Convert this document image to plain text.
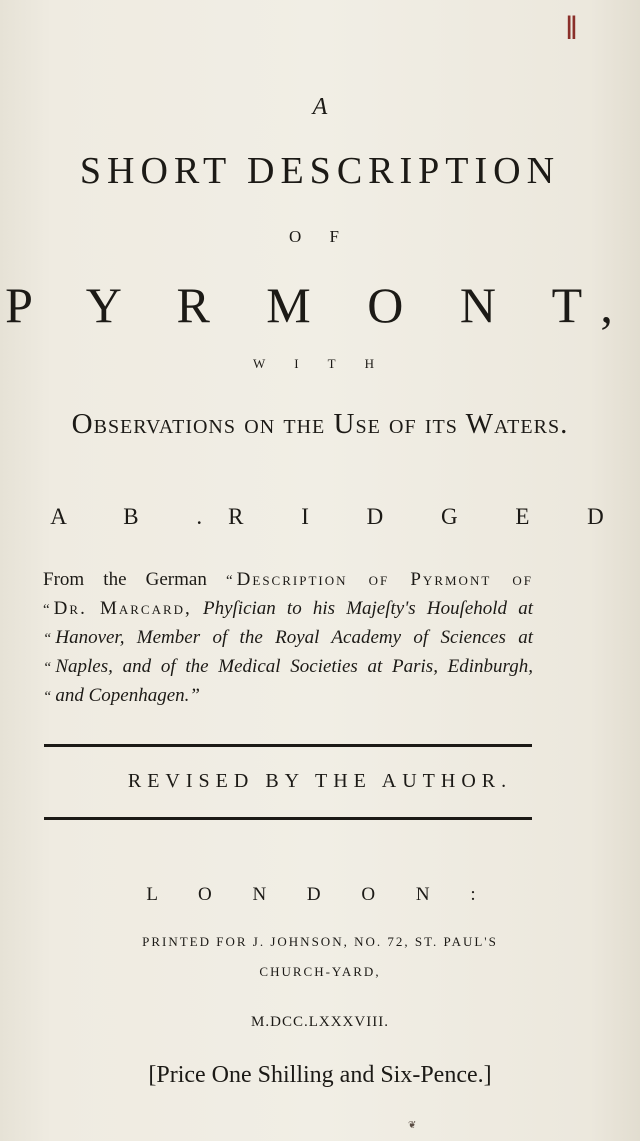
‖
A
SHORT DESCRIPTION
O F
P Y R M O N T,
W I T H
Observations on the Use of its Waters.
A B .R I D G E D
From the German “ Description of Pyrmont of
“ Dr. Marcard, Phyſician to his Majeſty's Houſehold at
“ Hanover, Member of the Royal Academy of Sciences at
“ Naples, and of the Medical Societies at Paris, Edinburgh,
“ and Copenhagen.”
REVISED BY THE AUTHOR.
L O N D O N :
PRINTED FOR J. JOHNSON, NO. 72, ST. PAUL'S
CHURCH-YARD,
M.DCC.LXXXVIII.
[Price One Shilling and Six-Pence.]
❦
